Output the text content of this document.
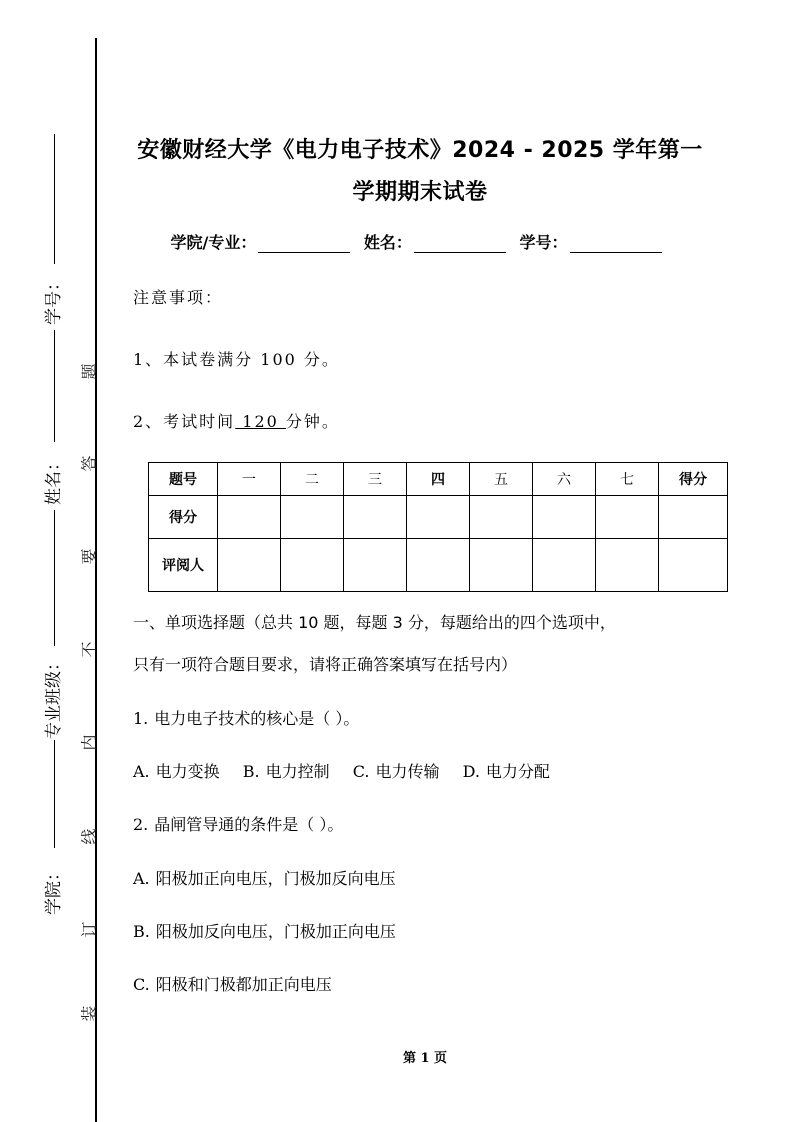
学号：
姓名：
专业班级：
学院：
题
答
要
不
内
线
订
装
安徽财经大学《电力电子技术》2024 - 2025 学年第一
学期期末试卷
学院/专业：	姓名：	学号：
注意事项：
1、本试卷满分 100 分。
2、考试时间 120 分钟。
题号	一	二	三	四	五	六	七	得分
得分								
评阅人								
一、单项选择题（总共 10 题，每题 3 分，每题给出的四个选项中，
只有一项符合题目要求，请将正确答案填写在括号内）
1. 电力电子技术的核心是（ ）。
A. 电力变换 B. 电力控制 C. 电力传输 D. 电力分配
2. 晶闸管导通的条件是（ ）。
A. 阳极加正向电压，门极加反向电压
B. 阳极加反向电压，门极加正向电压
C. 阳极和门极都加正向电压
第 1 页
